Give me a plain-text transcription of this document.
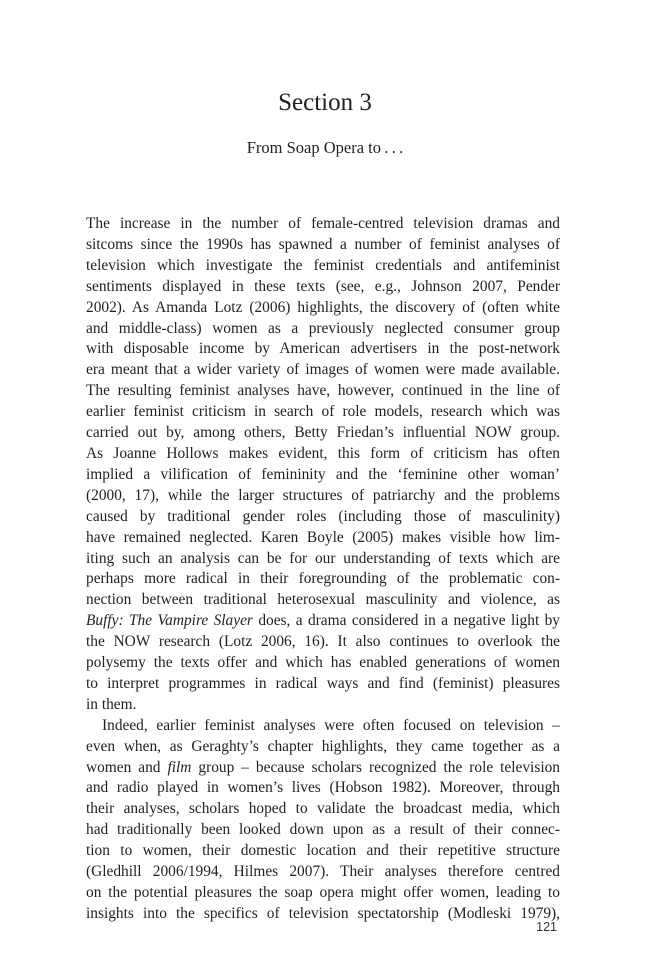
Section 3
From Soap Opera to . . .
The increase in the number of female-centred television dramas and
sitcoms since the 1990s has spawned a number of feminist analyses of
television which investigate the feminist credentials and antifeminist
sentiments displayed in these texts (see, e.g., Johnson 2007, Pender
2002). As Amanda Lotz (2006) highlights, the discovery of (often white
and middle-class) women as a previously neglected consumer group
with disposable income by American advertisers in the post-network
era meant that a wider variety of images of women were made available.
The resulting feminist analyses have, however, continued in the line of
earlier feminist criticism in search of role models, research which was
carried out by, among others, Betty Friedan’s influential NOW group.
As Joanne Hollows makes evident, this form of criticism has often
implied a vilification of femininity and the ‘feminine other woman’
(2000, 17), while the larger structures of patriarchy and the problems
caused by traditional gender roles (including those of masculinity)
have remained neglected. Karen Boyle (2005) makes visible how lim-
iting such an analysis can be for our understanding of texts which are
perhaps more radical in their foregrounding of the problematic con-
nection between traditional heterosexual masculinity and violence, as
Buffy: The Vampire Slayer does, a drama considered in a negative light by
the NOW research (Lotz 2006, 16). It also continues to overlook the
polysemy the texts offer and which has enabled generations of women
to interpret programmes in radical ways and find (feminist) pleasures
in them.
Indeed, earlier feminist analyses were often focused on television –
even when, as Geraghty’s chapter highlights, they came together as a
women and film group – because scholars recognized the role television
and radio played in women’s lives (Hobson 1982). Moreover, through
their analyses, scholars hoped to validate the broadcast media, which
had traditionally been looked down upon as a result of their connec-
tion to women, their domestic location and their repetitive structure
(Gledhill 2006/1994, Hilmes 2007). Their analyses therefore centred
on the potential pleasures the soap opera might offer women, leading to
insights into the specifics of television spectatorship (Modleski 1979),
121
